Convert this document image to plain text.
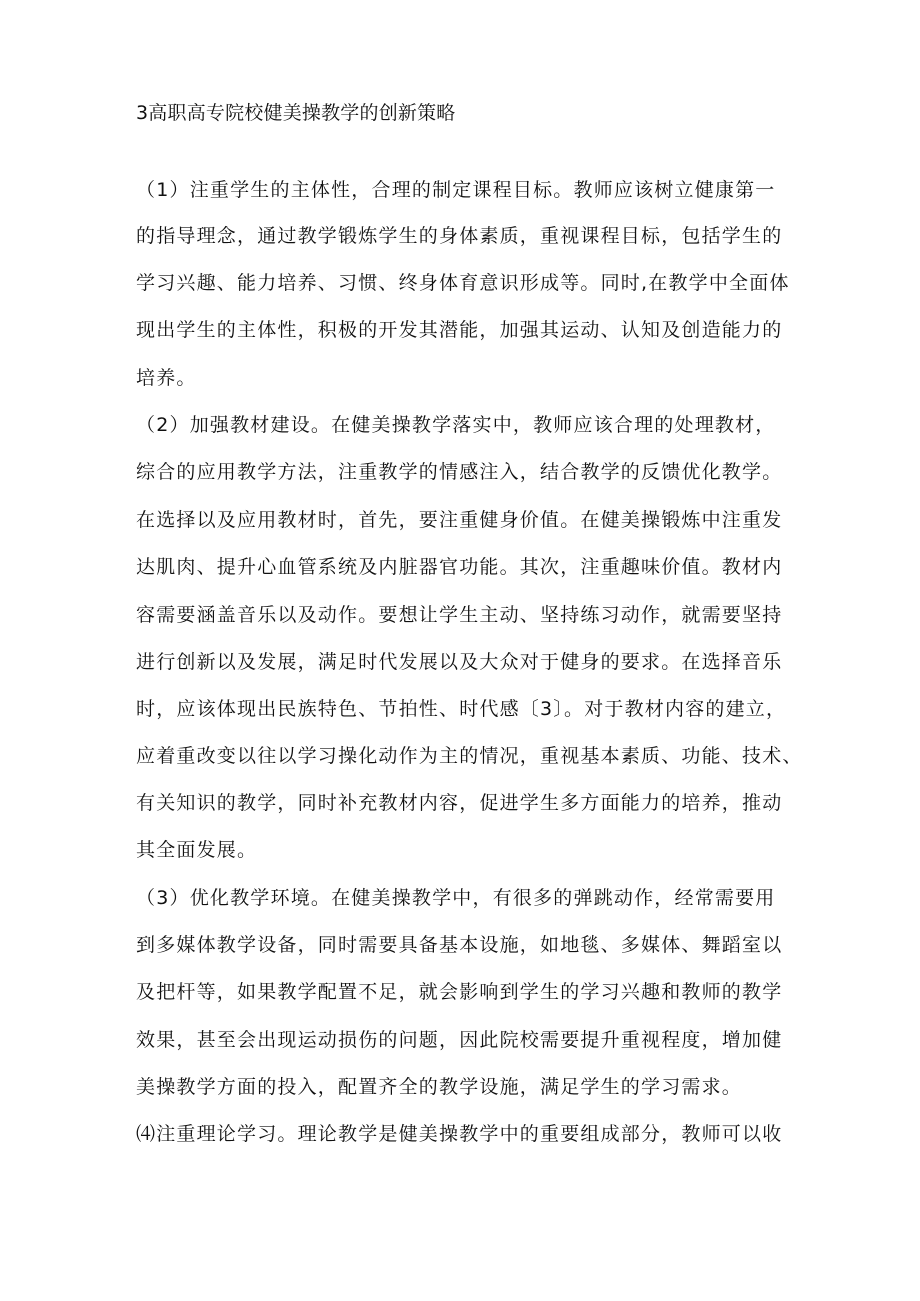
3高职高专院校健美操教学的创新策略
（1）注重学生的主体性，合理的制定课程目标。教师应该树立健康第一
的指导理念，通过教学锻炼学生的身体素质，重视课程目标，包括学生的
学习兴趣、能力培养、习惯、终身体育意识形成等。同时,在教学中全面体
现出学生的主体性，积极的开发其潜能，加强其运动、认知及创造能力的
培养。
（2）加强教材建设。在健美操教学落实中，教师应该合理的处理教材，
综合的应用教学方法，注重教学的情感注入，结合教学的反馈优化教学。
在选择以及应用教材时，首先，要注重健身价值。在健美操锻炼中注重发
达肌肉、提升心血管系统及内脏器官功能。其次，注重趣味价值。教材内
容需要涵盖音乐以及动作。要想让学生主动、坚持练习动作，就需要坚持
进行创新以及发展，满足时代发展以及大众对于健身的要求。在选择音乐
时，应该体现出民族特色、节拍性、时代感〔3〕。对于教材内容的建立，
应着重改变以往以学习操化动作为主的情况，重视基本素质、功能、技术、
有关知识的教学，同时补充教材内容，促进学生多方面能力的培养，推动
其全面发展。
（3）优化教学环境。在健美操教学中，有很多的弹跳动作，经常需要用
到多媒体教学设备，同时需要具备基本设施，如地毯、多媒体、舞蹈室以
及把杆等，如果教学配置不足，就会影响到学生的学习兴趣和教师的教学
效果，甚至会出现运动损伤的问题，因此院校需要提升重视程度，增加健
美操教学方面的投入，配置齐全的教学设施，满足学生的学习需求。
⑷注重理论学习。理论教学是健美操教学中的重要组成部分，教师可以收
